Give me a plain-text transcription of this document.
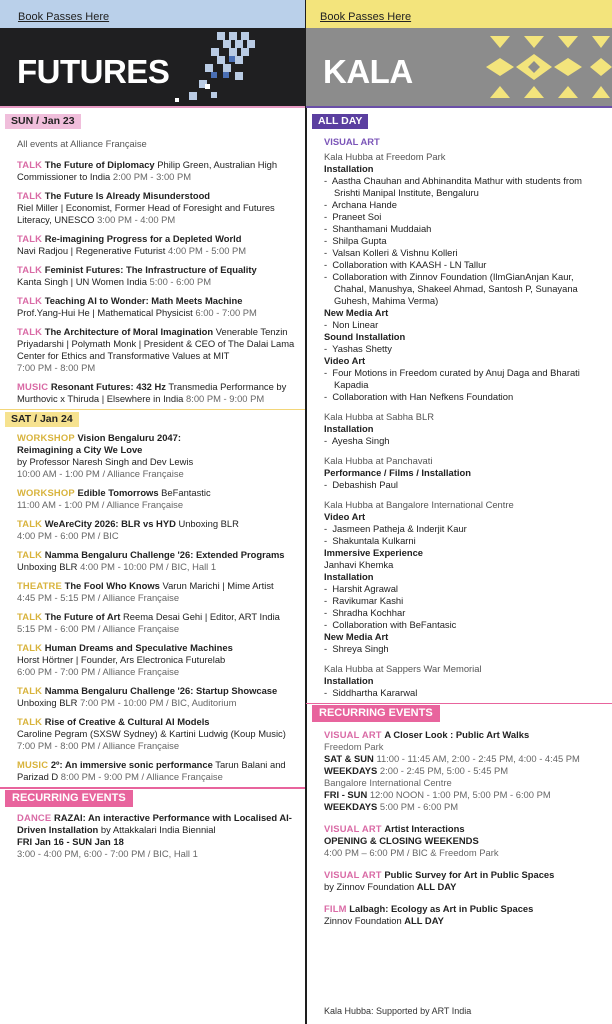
Book Passes Here
FUTURES
SUN / Jan 23
All events at Alliance Française
TALK The Future of Diplomacy Philip Green, Australian High Commissioner to India 2:00 PM - 3:00 PM
TALK The Future Is Already Misunderstood
Riel Miller | Economist, Former Head of Foresight and Futures Literacy, UNESCO 3:00 PM - 4:00 PM
TALK Re-imagining Progress for a Depleted World
Navi Radjou | Regenerative Futurist 4:00 PM - 5:00 PM
TALK Feminist Futures: The Infrastructure of Equality
Kanta Singh | UN Women India 5:00 - 6:00 PM
TALK Teaching AI to Wonder: Math Meets Machine
Prof.Yang-Hui He | Mathematical Physicist 6:00 - 7:00 PM
TALK The Architecture of Moral Imagination Venerable Tenzin Priyadarshi | Polymath Monk | President & CEO of The Dalai Lama Center for Ethics and Transformative Values at MIT
7:00 PM - 8:00 PM
MUSIC Resonant Futures: 432 Hz Transmedia Performance by Murthovic x Thiruda | Elsewhere in India 8:00 PM - 9:00 PM
SAT / Jan 24
WORKSHOP Vision Bengaluru 2047:
Reimagining a City We Love
by Professor Naresh Singh and Dev Lewis
10:00 AM - 1:00 PM / Alliance Française
WORKSHOP Edible Tomorrows BeFantastic
11:00 AM - 1:00 PM / Alliance Française
TALK WeAreCity 2026: BLR vs HYD Unboxing BLR
4:00 PM - 6:00 PM / BIC
TALK Namma Bengaluru Challenge '26: Extended Programs
Unboxing BLR 4:00 PM - 10:00 PM / BIC, Hall 1
THEATRE The Fool Who Knows Varun Marichi | Mime Artist
4:45 PM - 5:15 PM / Alliance Française
TALK The Future of Art Reema Desai Gehi | Editor, ART India
5:15 PM - 6:00 PM / Alliance Française
TALK Human Dreams and Speculative Machines
Horst Hörtner | Founder, Ars Electronica Futurelab
6:00 PM - 7:00 PM / Alliance Française
TALK Namma Bengaluru Challenge '26: Startup Showcase
Unboxing BLR 7:00 PM - 10:00 PM / BIC, Auditorium
TALK Rise of Creative & Cultural AI Models
Caroline Pegram (SXSW Sydney) & Kartini Ludwig (Koup Music)
7:00 PM - 8:00 PM / Alliance Française
MUSIC 2º: An immersive sonic performance Tarun Balani and Parizad D 8:00 PM - 9:00 PM / Alliance Française
RECURRING EVENTS
DANCE RAZAI: An interactive Performance with Localised AI-Driven Installation by Attakkalari India Biennial
FRI Jan 16 - SUN Jan 18
3:00 - 4:00 PM, 6:00 - 7:00 PM / BIC, Hall 1
Book Passes Here
KALA
ALL DAY
VISUAL ART
Kala Hubba at Freedom Park
Installation
-  Aastha Chauhan and Abhinandita Mathur with students from Srishti Manipal Institute, Bengaluru
-  Archana Hande
-  Praneet Soi
-  Shanthamani Muddaiah
-  Shilpa Gupta
-  Valsan Kolleri & Vishnu Kolleri
-  Collaboration with KAASH - LN Tallur
-  Collaboration with Zinnov Foundation (IlmGianAnjan Kaur, Chahal, Manushya, Shakeel Ahmad, Santosh P, Sunayana Guhesh, Mahima Verma)
New Media Art
-  Non Linear
Sound Installation
-  Yashas Shetty
Video Art
-  Four Motions in Freedom curated by Anuj Daga and Bharati Kapadia
-  Collaboration with Han Nefkens Foundation
Kala Hubba at Sabha BLR
Installation
-  Ayesha Singh
Kala Hubba at Panchavati
Performance / Films / Installation
-  Debashish Paul
Kala Hubba at Bangalore International Centre
Video Art
-  Jasmeen Patheja & Inderjit Kaur
-  Shakuntala Kulkarni
Immersive Experience
Janhavi Khemka
Installation
-  Harshit Agrawal
-  Ravikumar Kashi
-  Shradha Kochhar
-  Collaboration with BeFantasic
New Media Art
-  Shreya Singh
Kala Hubba at Sappers War Memorial
Installation
-  Siddhartha Kararwal
RECURRING EVENTS
VISUAL ART A Closer Look : Public Art Walks
Freedom Park
SAT & SUN 11:00 - 11:45 AM, 2:00 - 2:45 PM, 4:00 - 4:45 PM
WEEKDAYS 2:00 - 2:45 PM, 5:00 - 5:45 PM
Bangalore International Centre
FRI - SUN 12:00 NOON - 1:00 PM, 5:00 PM - 6:00 PM
WEEKDAYS 5:00 PM - 6:00 PM
VISUAL ART Artist Interactions
OPENING & CLOSING WEEKENDS
4:00 PM – 6:00 PM / BIC & Freedom Park
VISUAL ART Public Survey for Art in Public Spaces
by Zinnov Foundation ALL DAY
FILM Lalbagh: Ecology as Art in Public Spaces
Zinnov Foundation ALL DAY
Kala Hubba: Supported by ART India
